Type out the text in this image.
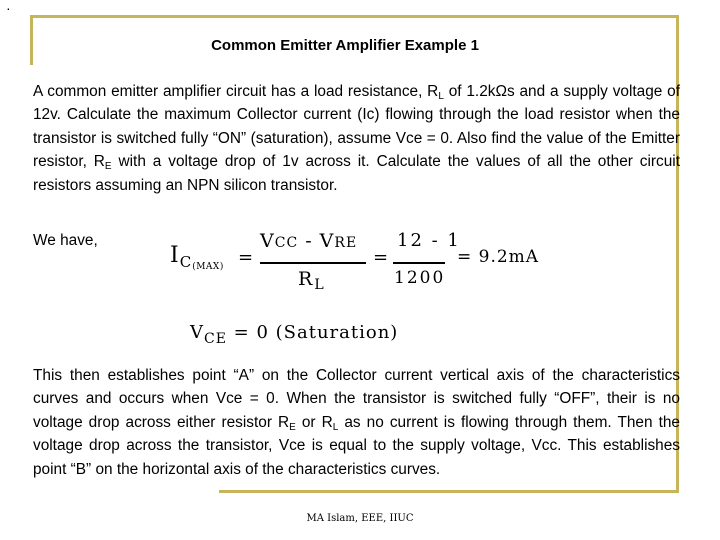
·
Common Emitter Amplifier Example 1
A common emitter amplifier circuit has a load resistance, $R_L$ of 1.2kΩs and a supply voltage of 12v. Calculate the maximum Collector current (Ic) flowing through the load resistor when the transistor is switched fully “ON” (saturation), assume Vce = 0. Also find the value of the Emitter resistor, $R_E$ with a voltage drop of 1v across it. Calculate the values of all the other circuit resistors assuming an NPN silicon transistor.
We have,
$I_{C(MAX)}$ =
VCC - VRE
$R_L$
=
12 - 1
1200
= 9.2mA
$V_{CE} = 0$ (Saturation)
This then establishes point “A” on the Collector current vertical axis of the characteristics curves and occurs when Vce = 0. When the transistor is switched fully “OFF”, their is no voltage drop across either resistor $R_E$ or $R_L$ as no current is flowing through them. Then the voltage drop across the transistor, Vce is equal to the supply voltage, Vcc. This establishes point “B” on the horizontal axis of the characteristics curves.
MA Islam, EEE, IIUC
